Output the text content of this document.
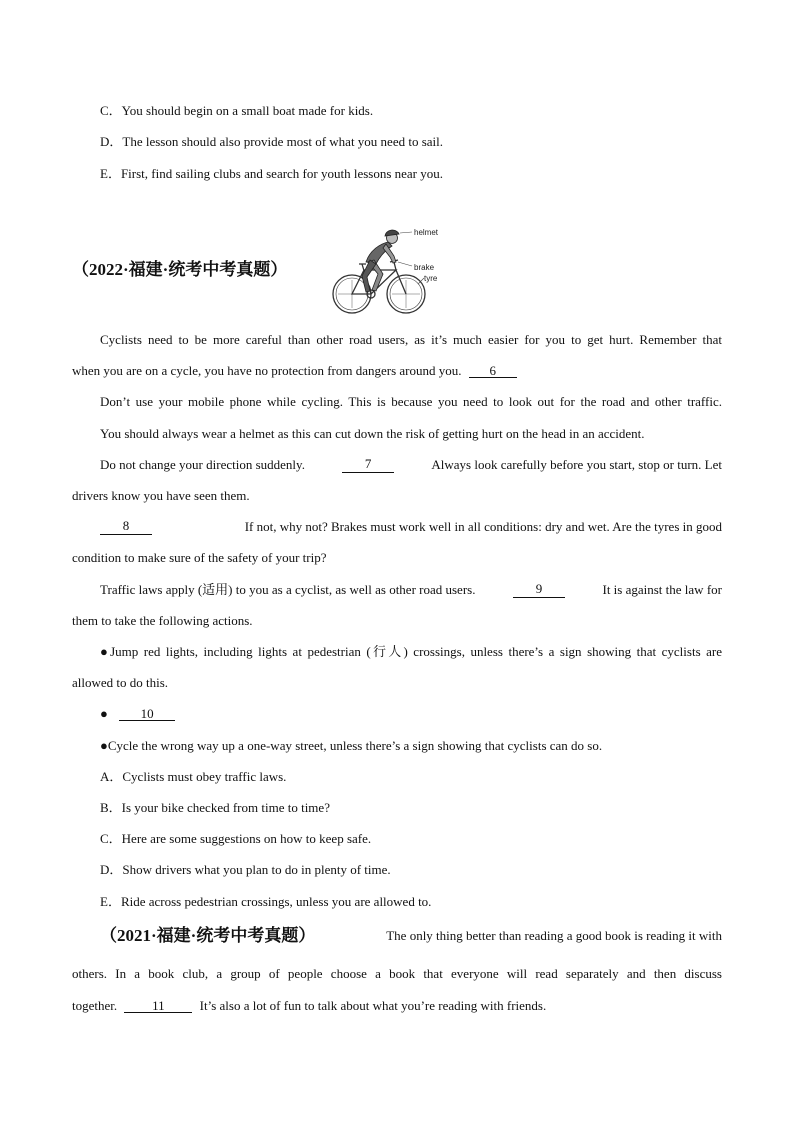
C．You should begin on a small boat made for kids.
D．The lesson should also provide most of what you need to sail.
E．First, find sailing clubs and search for youth lessons near you.
（2022·福建·统考中考真题）
helmet
brake
tyre
Cyclists need to be more careful than other road users, as it’s much easier for you to get hurt. Remember that
when you are on a cycle, you have no protection from dangers around you. 6
Don’t use your mobile phone while cycling. This is because you need to look out for the road and other traffic.
You should always wear a helmet as this can cut down the risk of getting hurt on the head in an accident.
Do not change your direction suddenly.	7	Always look carefully before you start, stop or turn. Let
drivers know you have seen them.
8	If not, why not? Brakes must work well in all conditions: dry and wet. Are the tyres in good
condition to make sure of the safety of your trip?
Traffic laws apply (适用) to you as a cyclist, as well as other road users.	9	It is against the law for
them to take the following actions.
●Jump red lights, including lights at pedestrian (行人) crossings, unless there’s a sign showing that cyclists are
allowed to do this.
●	10
●Cycle the wrong way up a one-way street, unless there’s a sign showing that cyclists can do so.
A．Cyclists must obey traffic laws.
B．Is your bike checked from time to time?
C．Here are some suggestions on how to keep safe.
D．Show drivers what you plan to do in plenty of time.
E．Ride across pedestrian crossings, unless you are allowed to.
（2021·福建·统考中考真题）	The only thing better than reading a good book is reading it with
others. In a book club, a group of people choose a book that everyone will read separately and then discuss
together.	11	It’s also a lot of fun to talk about what you’re reading with friends.
